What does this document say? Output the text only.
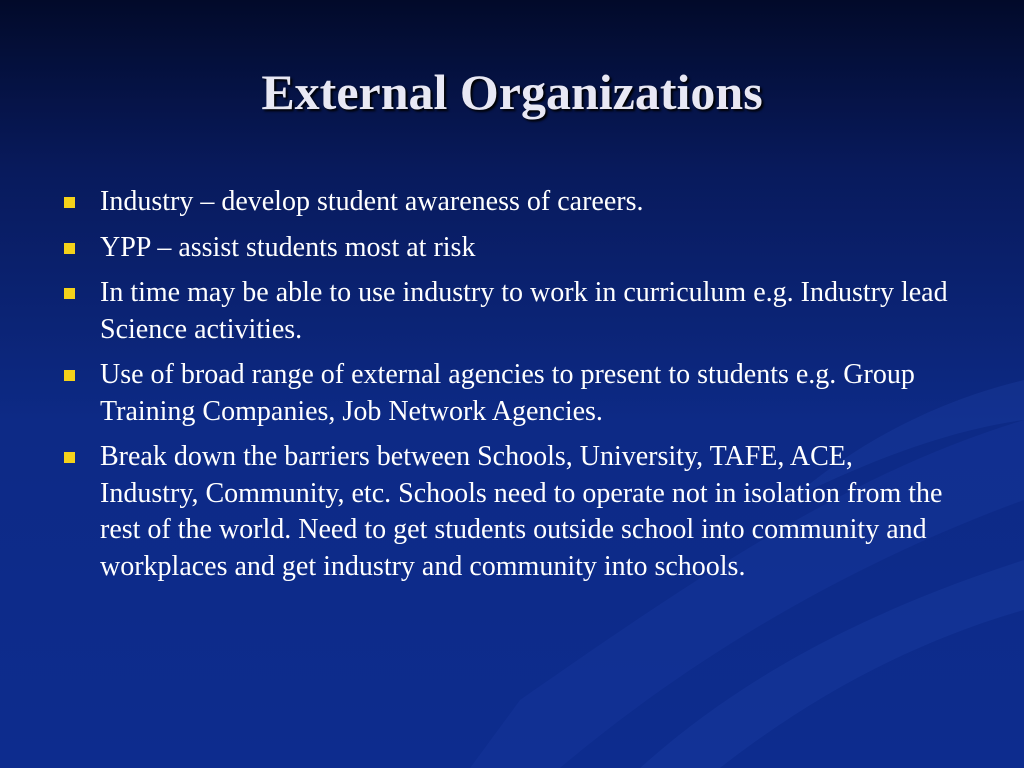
External Organizations
Industry – develop student awareness of careers.
YPP – assist students most at risk
In time may be able to use industry to work in curriculum e.g. Industry lead Science activities.
Use of broad range of external agencies to present to students e.g. Group Training Companies, Job Network Agencies.
Break down the barriers between Schools, University, TAFE, ACE, Industry, Community, etc. Schools need to operate not in isolation from the rest of the world. Need to get students outside school into community and workplaces and get industry and community into schools.
